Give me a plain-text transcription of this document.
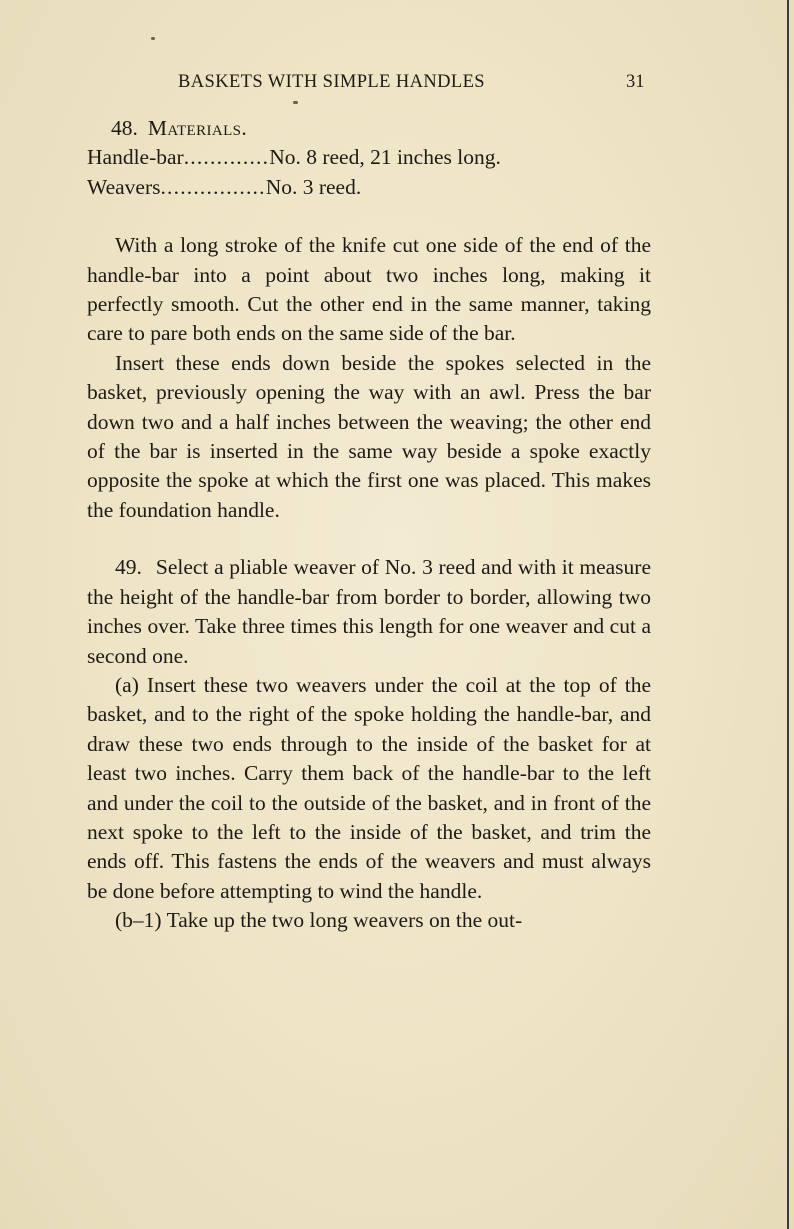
BASKETS WITH SIMPLE HANDLES	31

48. Materials.

Handle-bar ............. No. 8 reed, 21 inches long.
Weavers ................ No. 3 reed.

With a long stroke of the knife cut one side of the end of the handle-bar into a point about two inches long, making it perfectly smooth. Cut the other end in the same manner, taking care to pare both ends on the same side of the bar.

Insert these ends down beside the spokes selected in the basket, previously opening the way with an awl. Press the bar down two and a half inches between the weaving; the other end of the bar is inserted in the same way beside a spoke exactly opposite the spoke at which the first one was placed. This makes the foundation handle.

49. Select a pliable weaver of No. 3 reed and with it measure the height of the handle-bar from border to border, allowing two inches over. Take three times this length for one weaver and cut a second one.

(a) Insert these two weavers under the coil at the top of the basket, and to the right of the spoke holding the handle-bar, and draw these two ends through to the inside of the basket for at least two inches. Carry them back of the handle-bar to the left and under the coil to the outside of the basket, and in front of the next spoke to the left to the inside of the basket, and trim the ends off. This fastens the ends of the weavers and must always be done before attempting to wind the handle.

(b–1) Take up the two long weavers on the out-
